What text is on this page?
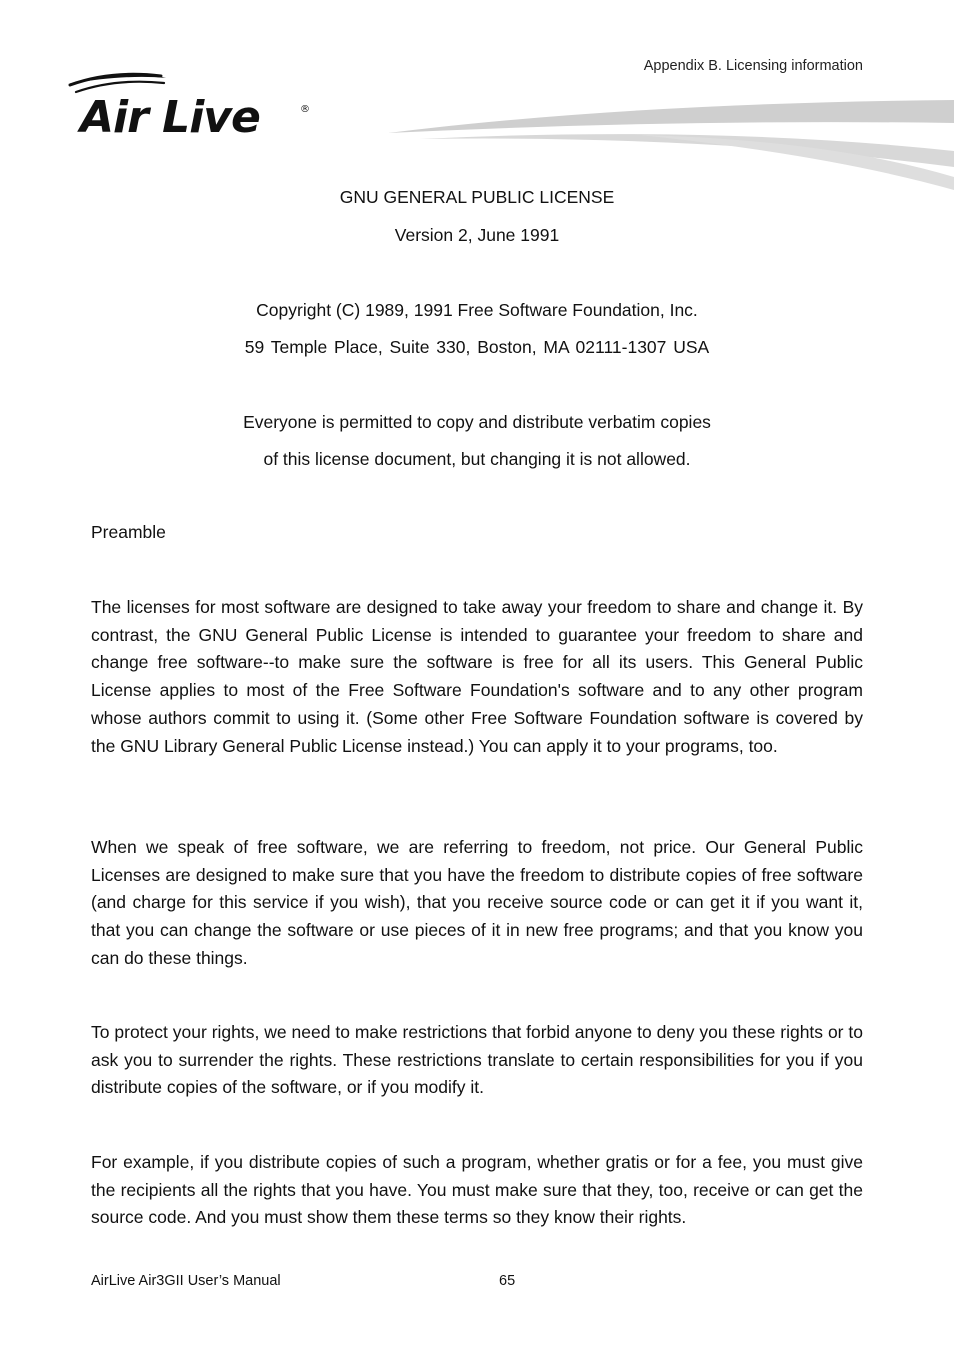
Appendix B. Licensing information
Air Live	®
GNU GENERAL PUBLIC LICENSE
Version 2, June 1991
Copyright (C) 1989, 1991 Free Software Foundation, Inc.
59 Temple Place, Suite 330, Boston, MA 02111-1307 USA
Everyone is permitted to copy and distribute verbatim copies
of this license document, but changing it is not allowed.
Preamble
The licenses for most software are designed to take away your freedom to share and change it. By contrast, the GNU General Public License is intended to guarantee your freedom to share and change free software--to make sure the software is free for all its users. This General Public License applies to most of the Free Software Foundation's software and to any other program whose authors commit to using it. (Some other Free Software Foundation software is covered by the GNU Library General Public License instead.) You can apply it to your programs, too.
When we speak of free software, we are referring to freedom, not price. Our General Public Licenses are designed to make sure that you have the freedom to distribute copies of free software (and charge for this service if you wish), that you receive source code or can get it if you want it, that you can change the software or use pieces of it in new free programs; and that you know you can do these things.
To protect your rights, we need to make restrictions that forbid anyone to deny you these rights or to ask you to surrender the rights. These restrictions translate to certain responsibilities for you if you distribute copies of the software, or if you modify it.
For example, if you distribute copies of such a program, whether gratis or for a fee, you must give the recipients all the rights that you have. You must make sure that they, too, receive or can get the source code. And you must show them these terms so they know their rights.
AirLive Air3GII User’s Manual	65
